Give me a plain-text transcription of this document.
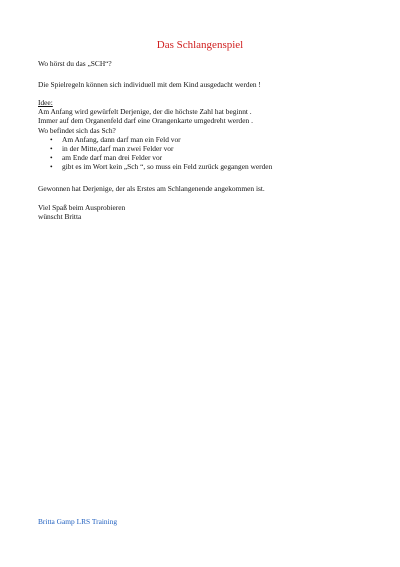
Das Schlangenspiel
Wo hörst du das „SCH“?
Die Spielregeln können sich individuell mit dem Kind ausgedacht werden !
Idee:
Am Anfang wird gewürfelt Derjenige, der die höchste Zahl hat beginnt .
Immer auf dem Organenfeld darf eine Orangenkarte umgedreht werden .
Wo befindet sich das Sch?
• Am Anfang, dann darf man ein Feld vor
• in der Mitte,darf man zwei Felder vor
• am Ende darf man drei Felder vor
• gibt es im Wort kein „Sch “, so muss ein Feld zurück gegangen werden
Gewonnen hat Derjenige, der als Erstes am Schlangenende angekommen ist.
Viel Spaß beim Ausprobieren
wünscht Britta
Britta Gamp LRS Training
